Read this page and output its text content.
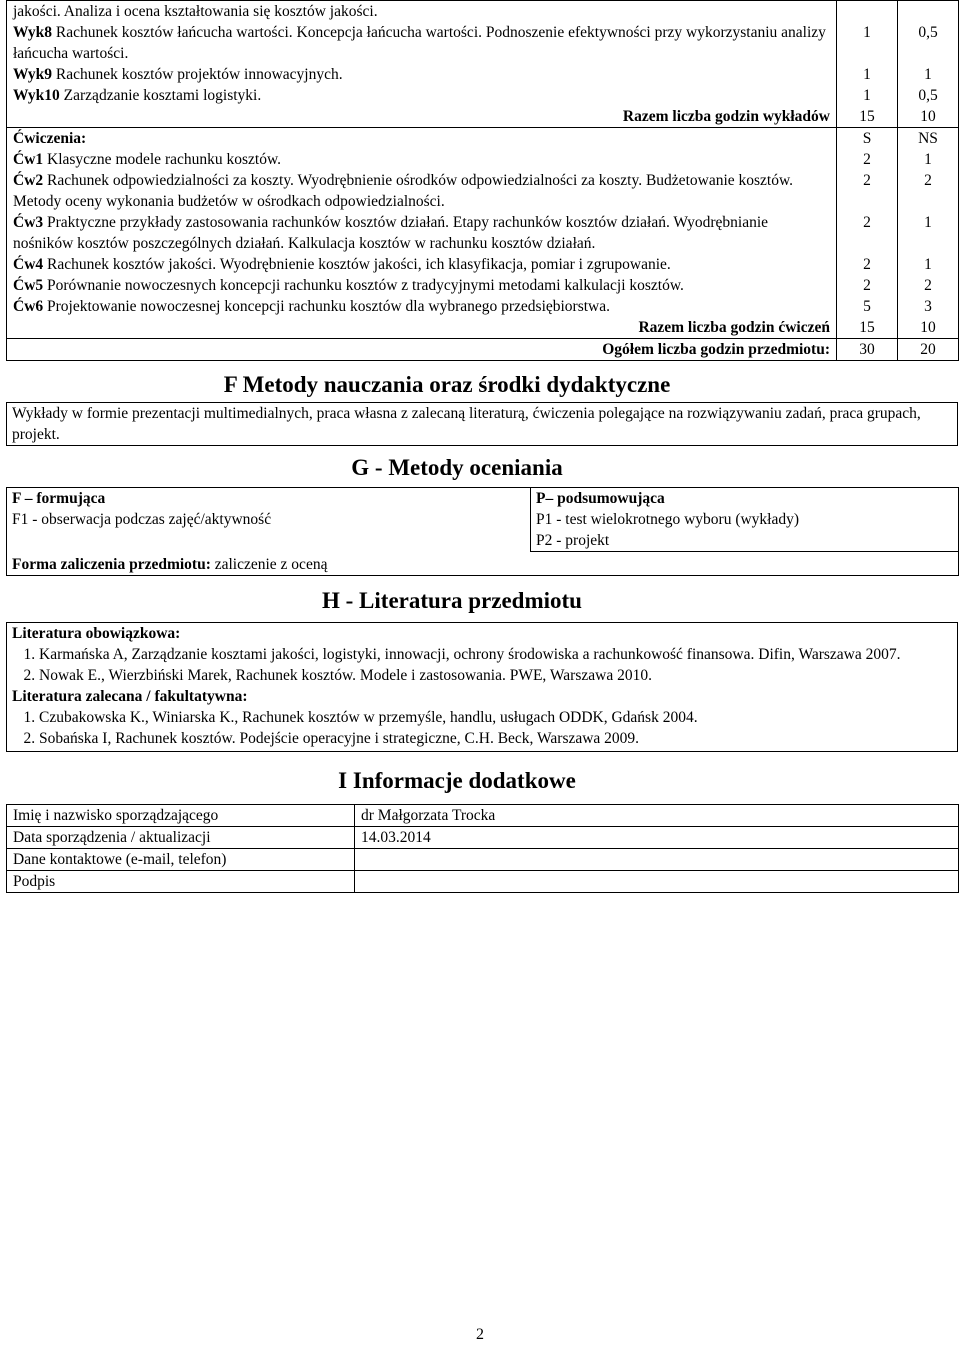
jakości. Analiza i ocena kształtowania się kosztów jakości.		
Wyk8 Rachunek kosztów łańcucha wartości. Koncepcja łańcucha wartości. Podnoszenie efektywności przy wykorzystaniu analizy łańcucha wartości.	1	0,5
Wyk9 Rachunek kosztów projektów innowacyjnych.	1	1
Wyk10 Zarządzanie kosztami logistyki.	1	0,5
Razem liczba godzin wykładów	15	10
Ćwiczenia:	S	NS
Ćw1 Klasyczne modele rachunku kosztów.	2	1
Ćw2 Rachunek odpowiedzialności za koszty. Wyodrębnienie ośrodków odpowiedzialności za koszty. Budżetowanie kosztów. Metody oceny wykonania budżetów w ośrodkach odpowiedzialności.	2	2
Ćw3 Praktyczne przykłady zastosowania rachunków kosztów działań. Etapy rachunków kosztów działań. Wyodrębnianie nośników kosztów poszczególnych działań. Kalkulacja kosztów w rachunku kosztów działań.	2	1
Ćw4 Rachunek kosztów jakości. Wyodrębnienie kosztów jakości, ich klasyfikacja, pomiar i zgrupowanie.	2	1
Ćw5 Porównanie nowoczesnych koncepcji rachunku kosztów z tradycyjnymi metodami kalkulacji kosztów.	2	2
Ćw6 Projektowanie nowoczesnej koncepcji rachunku kosztów dla wybranego przedsiębiorstwa.	5	3
Razem liczba godzin ćwiczeń	15	10
Ogółem liczba godzin przedmiotu:	30	20
F Metody nauczania oraz środki dydaktyczne
Wykłady w formie prezentacji multimedialnych, praca własna z zalecaną literaturą, ćwiczenia polegające na rozwiązywaniu zadań, praca grupach, projekt.
G - Metody oceniania
F – formująca
F1 - obserwacja podczas zajęć/aktywność

P– podsumowująca
P1 - test wielokrotnego wyboru (wykłady)
P2 - projekt

Forma zaliczenia przedmiotu: zaliczenie z oceną
H - Literatura przedmiotu
Literatura obowiązkowa:
1. Karmańska A, Zarządzanie kosztami jakości, logistyki, innowacji, ochrony środowiska a rachunkowość finansowa. Difin, Warszawa 2007.
2. Nowak E., Wierzbiński Marek, Rachunek kosztów. Modele i zastosowania. PWE, Warszawa 2010.
Literatura zalecana / fakultatywna:
1. Czubakowska K., Winiarska K., Rachunek kosztów w przemyśle, handlu, usługach ODDK, Gdańsk 2004.
2. Sobańska I, Rachunek kosztów. Podejście operacyjne i strategiczne, C.H. Beck, Warszawa 2009.
I Informacje dodatkowe
Imię i nazwisko sporządzającego	dr Małgorzata Trocka
Data sporządzenia / aktualizacji	14.03.2014
Dane kontaktowe (e-mail, telefon)	
Podpis	
2
